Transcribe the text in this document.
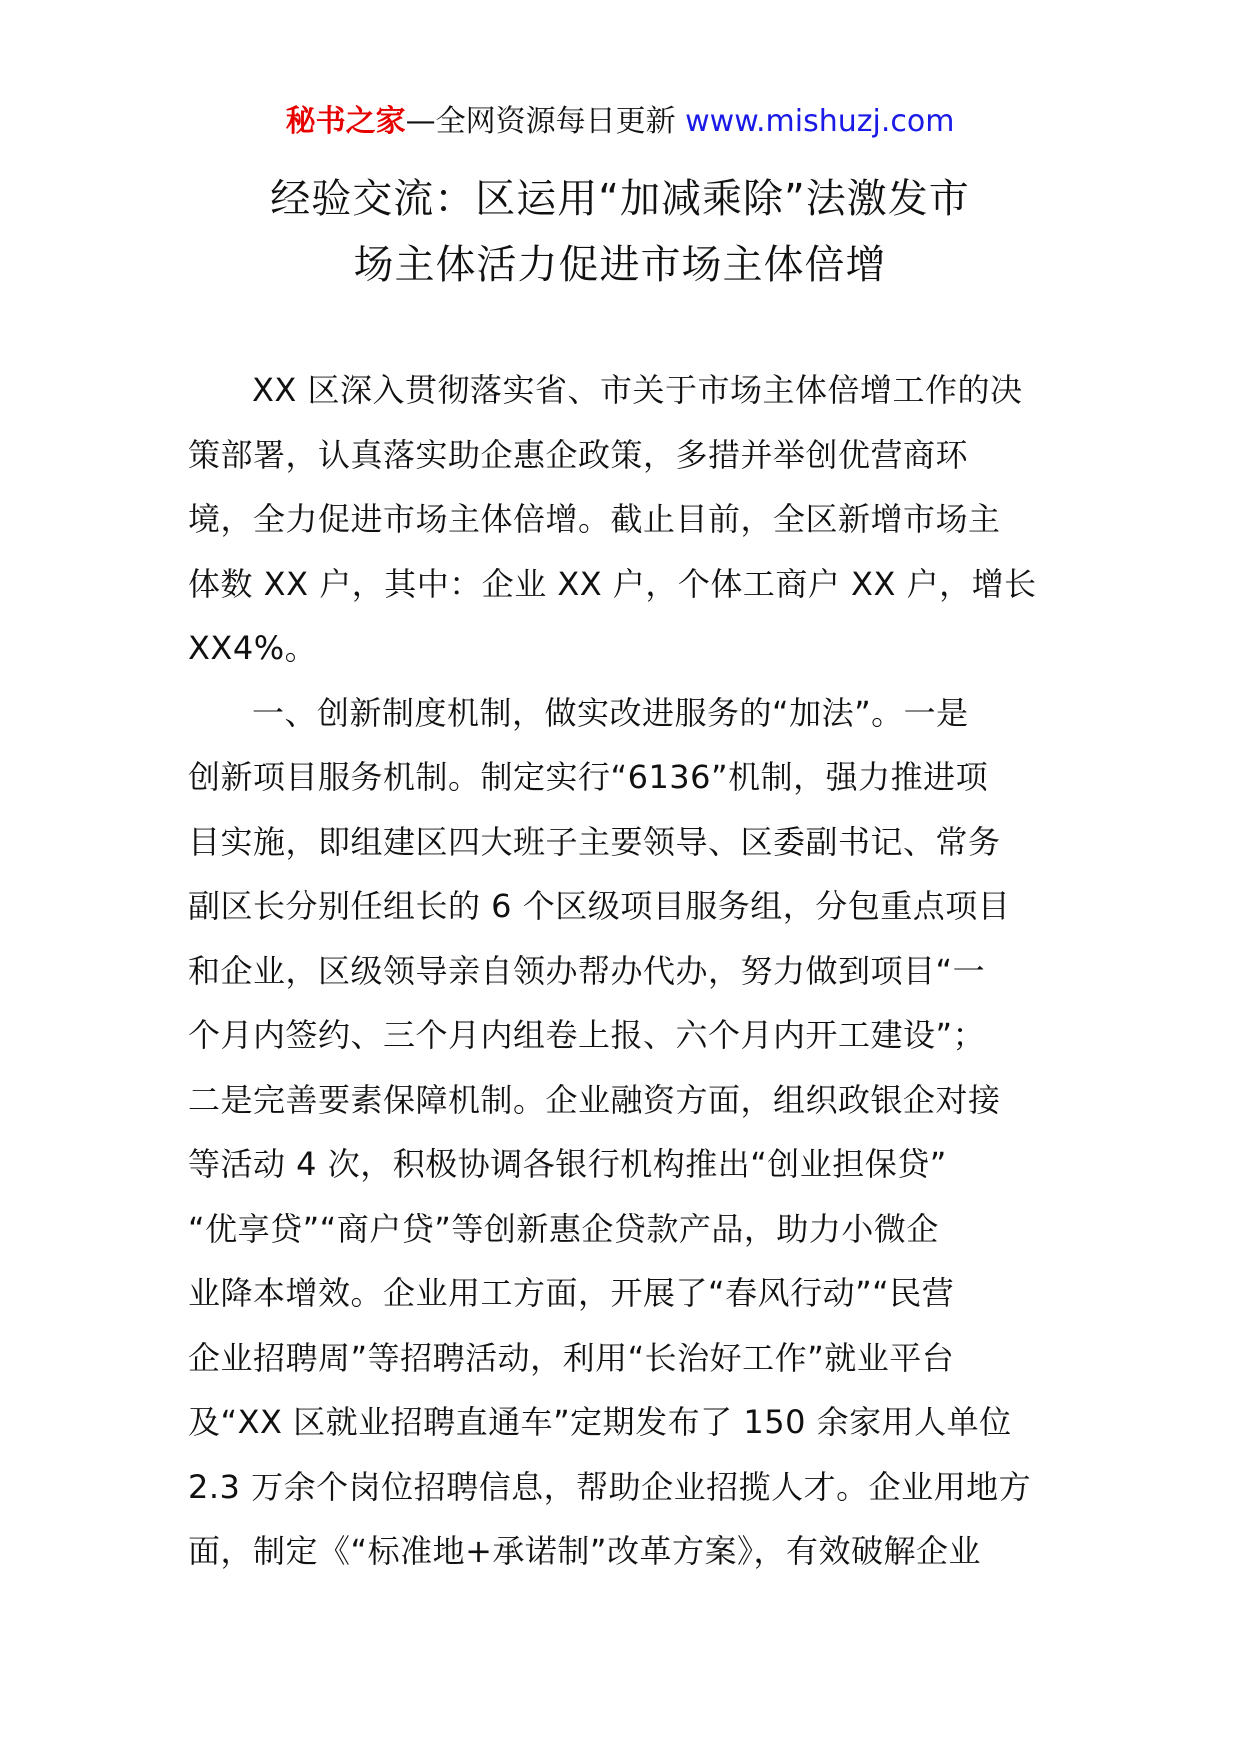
秘书之家—全网资源每日更新 www.mishuzj.com
经验交流：区运用“加减乘除”法激发市
场主体活力促进市场主体倍增
XX 区深入贯彻落实省、市关于市场主体倍增工作的决
策部署，认真落实助企惠企政策，多措并举创优营商环
境，全力促进市场主体倍增。截止目前，全区新增市场主
体数 XX 户，其中：企业 XX 户，个体工商户 XX 户，增长
XX4%。
一、创新制度机制，做实改进服务的“加法”。一是
创新项目服务机制。制定实行“6136”机制，强力推进项
目实施，即组建区四大班子主要领导、区委副书记、常务
副区长分别任组长的 6 个区级项目服务组，分包重点项目
和企业，区级领导亲自领办帮办代办，努力做到项目“一
个月内签约、三个月内组卷上报、六个月内开工建设”；
二是完善要素保障机制。企业融资方面，组织政银企对接
等活动 4 次，积极协调各银行机构推出“创业担保贷”
“优享贷”“商户贷”等创新惠企贷款产品，助力小微企
业降本增效。企业用工方面，开展了“春风行动”“民营
企业招聘周”等招聘活动，利用“长治好工作”就业平台
及“XX 区就业招聘直通车”定期发布了 150 余家用人单位
2.3 万余个岗位招聘信息，帮助企业招揽人才。企业用地方
面，制定《“标准地+承诺制”改革方案》，有效破解企业
